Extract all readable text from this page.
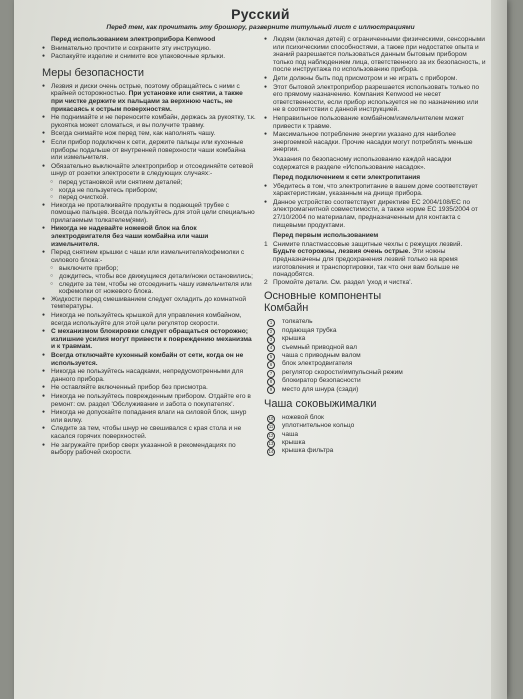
Русский
Перед тем, как прочитать эту брошюру, разверните титульный лист с иллюстрациями
Перед использованием электроприбора Kenwood
● Внимательно прочтите и сохраните эту инструкцию.
● Распакуйте изделие и снимите все упаковочные ярлыки.
Меры безопасности
● Лезвия и диски очень острые, поэтому обращайтесь с ними с крайней осторожностью. При установке или снятии, а также при чистке держите их пальцами за верхнюю часть, не прикасаясь к острым поверхностям.
● Не поднимайте и не переносите комбайн, держась за рукоятку, т.к. рукоятка может сломаться, и вы получите травму.
● Всегда снимайте нож перед тем, как наполнять чашу.
● Если прибор подключен к сети, держите пальцы или кухонные приборы подальше от внутренней поверхности чаши комбайна или измельчителя.
● Обязательно выключайте электроприбор и отсоединяйте сетевой шнур от розетки электросети в следующих случаях:-
○ перед установкой или снятием деталей;
○ когда не пользуетесь прибором;
○ перед очисткой.
● Никогда не проталкивайте продукты в подающей трубке с помощью пальцев. Всегда пользуйтесь для этой цели специально прилагаемым толкателем(ями).
● Никогда не надевайте ножевой блок на блок электродвигателя без чаши комбайна или чаши измельчителя.
● Перед снятием крышки с чаши или измельчителя/кофемолки с силового блока:-
○ выключите прибор;
○ дождитесь, чтобы все движущиеся детали/ножи остановились;
○ следите за тем, чтобы не отсоединить чашу измельчителя или кофемолки от ножевого блока.
● Жидкости перед смешиванием следует охладить до комнатной температуры.
● Никогда не пользуйтесь крышкой для управления комбайном, всегда используйте для этой цели регулятор скорости.
● С механизмом блокировки следует обращаться осторожно; излишние усилия могут привести к повреждению механизма и к травмам.
● Всегда отключайте кухонный комбайн от сети, когда он не используется.
● Никогда не пользуйтесь насадками, непредусмотренными для данного прибора.
● Не оставляйте включенный прибор без присмотра.
● Никогда не пользуйтесь поврежденным прибором. Отдайте его в ремонт: см. раздел 'Обслуживание и забота о покупателях'.
● Никогда не допускайте попадания влаги на силовой блок, шнур или вилку.
● Следите за тем, чтобы шнур не свешивался с края стола и не касался горячих поверхностей.
● Не загружайте прибор сверх указанной в рекомендациях по выбору рабочей скорости.
● Людям (включая детей) с ограниченными физическими, сенсорными или психическими способностями, а также при недостатке опыта и знаний разрешается пользоваться данным бытовым прибором только под наблюдением лица, ответственного за их безопасность, и после инструктажа по использованию прибора.
● Дети должны быть под присмотром и не играть с прибором.
● Этот бытовой электроприбор разрешается использовать только по его прямому назначению. Компания Kenwood не несет ответственности, если прибор используется не по назначению или не в соответствии с данной инструкцией.
● Неправильное пользование комбайном/измельчителем может привести к травме.
● Максимальное потребление энергии указано для наиболее энергоемкой насадки. Прочие насадки могут потреблять меньше энергии.
Указания по безопасному использованию каждой насадки содержатся в разделе «Использование насадок».
Перед подключением к сети электропитания
● Убедитесь в том, что электропитание в вашем доме соответствует характеристикам, указанным на днище прибора.
● Данное устройство соответствует директиве ЕС 2004/108/EC по электромагнитной совместимости, а также норме ЕС 1935/2004 от 27/10/2004 по материалам, предназначенным для контакта с пищевыми продуктами.
Перед первым использованием
1 Снимите пластмассовые защитные чехлы с режущих лезвий. Будьте осторожны, лезвия очень острые. Эти ножны предназначены для предохранения лезвий только на время изготовления и транспортировки, так что они вам больше не понадобятся.
2 Промойте детали. См. раздел 'уход и чистка'.
Основные компоненты Комбайн
1	толкатель
2	подающая трубка
3	крышка
4	съемный приводной вал
5	чаша с приводным валом
6	блок электродвигателя
7	регулятор скорости/импульсный режим
8	блокиратор безопасности
9	место для шнура (сзади)
Чаша соковыжималки
10 ножевой блок
11 уплотнительное кольцо
12 чаша
13 крышка
14 крышка фильтра
